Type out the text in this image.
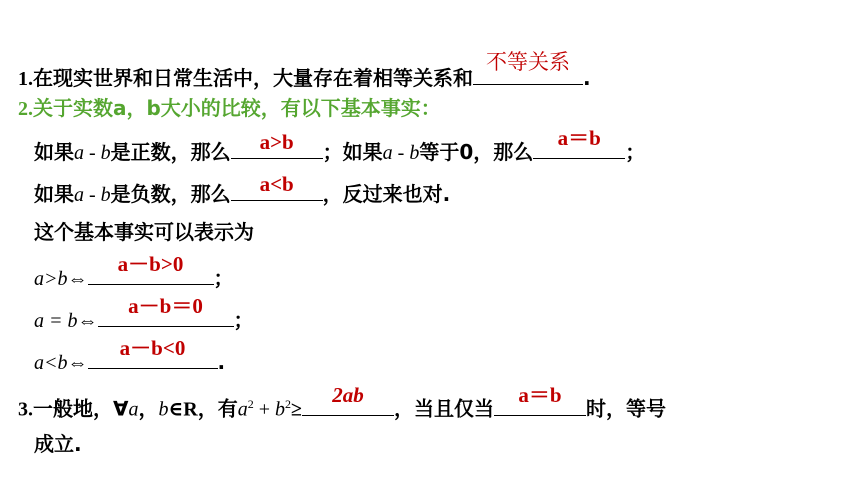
1.在现实世界和日常生活中，大量存在着相等关系和
不等关系
.
2.关于实数a，b大小的比较，有以下基本事实：
如果a - b是正数，那么	a>b	；如果a - b等于0，那么
a＝b
；
如果a - b是负数，那么	a<b	，反过来也对.
这个基本事实可以表示为
a>b⇔
a－b>0
；
a = b⇔
a－b＝0
；
a<b⇔
a－b<0
.
3.一般地，∀a，b∈R，有$a^2 + b^2\ge$
2ab
，当且仅当
a＝b
时，等号
成立.
